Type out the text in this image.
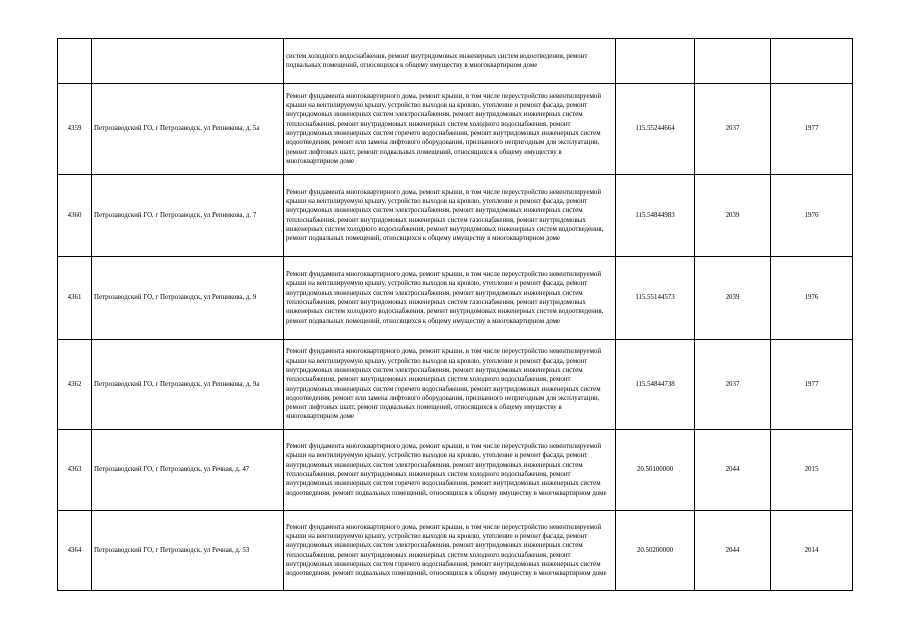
		систем холодного водоснабжения, ремонт внутридомовых инженерных систем водоотведения, ремонт подвальных помещений, относящихся к общему имуществу в многоквартирном доме			
4359	Петрозаводский ГО, г Петрозаводск, ул Репникова, д. 5а	Ремонт фундамента многоквартирного дома, ремонт крыши, в том числе переустройство невентилируемой крыши на вентилируемую крышу, устройство выходов на кровлю, утепление и ремонт фасада, ремонт внутридомовых инженерных систем электроснабжения, ремонт внутридомовых инженерных систем теплоснабжения, ремонт внутридомовых инженерных систем холодного водоснабжения, ремонт внутридомовых инженерных систем горячего водоснабжения, ремонт внутридомовых инженерных систем водоотведения, ремонт или замена лифтового оборудования, признанного непригодным для эксплуатации, ремонт лифтовых шахт, ремонт подвальных помещений, относящихся к общему имуществу в многоквартирном доме	115.55244664	2037	1977
4360	Петрозаводский ГО, г Петрозаводск, ул Репникова, д. 7	Ремонт фундамента многоквартирного дома, ремонт крыши, в том числе переустройство невентилируемой крыши на вентилируемую крышу, устройство выходов на кровлю, утепление и ремонт фасада, ремонт внутридомовых инженерных систем электроснабжения, ремонт внутридомовых инженерных систем теплоснабжения, ремонт внутридомовых инженерных систем газоснабжения, ремонт внутридомовых инженерных систем холодного водоснабжения, ремонт внутридомовых инженерных систем водоотведения, ремонт подвальных помещений, относящихся к общему имуществу в многоквартирном доме	115.54844983	2039	1976
4361	Петрозаводский ГО, г Петрозаводск, ул Репникова, д. 9	Ремонт фундамента многоквартирного дома, ремонт крыши, в том числе переустройство невентилируемой крыши на вентилируемую крышу, устройство выходов на кровлю, утепление и ремонт фасада, ремонт внутридомовых инженерных систем электроснабжения, ремонт внутридомовых инженерных систем теплоснабжения, ремонт внутридомовых инженерных систем газоснабжения, ремонт внутридомовых инженерных систем холодного водоснабжения, ремонт внутридомовых инженерных систем водоотведения, ремонт подвальных помещений, относящихся к общему имуществу в многоквартирном доме	115.55144573	2039	1976
4362	Петрозаводский ГО, г Петрозаводск, ул Репникова, д. 9а	Ремонт фундамента многоквартирного дома, ремонт крыши, в том числе переустройство невентилируемой крыши на вентилируемую крышу, устройство выходов на кровлю, утепление и ремонт фасада, ремонт внутридомовых инженерных систем электроснабжения, ремонт внутридомовых инженерных систем теплоснабжения, ремонт внутридомовых инженерных систем холодного водоснабжения, ремонт внутридомовых инженерных систем горячего водоснабжения, ремонт внутридомовых инженерных систем водоотведения, ремонт или замена лифтового оборудования, признанного непригодным для эксплуатации, ремонт лифтовых шахт, ремонт подвальных помещений, относящихся к общему имуществу в многоквартирном доме	115.54844738	2037	1977
4363	Петрозаводский ГО, г Петрозаводск, ул Речная, д. 47	Ремонт фундамента многоквартирного дома, ремонт крыши, в том числе переустройство невентилируемой крыши на вентилируемую крышу, устройство выходов на кровлю, утепление и ремонт фасада, ремонт внутридомовых инженерных систем электроснабжения, ремонт внутридомовых инженерных систем теплоснабжения, ремонт внутридомовых инженерных систем холодного водоснабжения, ремонт внутридомовых инженерных систем горячего водоснабжения, ремонт внутридомовых инженерных систем водоотведения, ремонт подвальных помещений, относящихся к общему имуществу в многоквартирном доме	20.50100000	2044	2015
4364	Петрозаводский ГО, г Петрозаводск, ул Речная, д. 53	Ремонт фундамента многоквартирного дома, ремонт крыши, в том числе переустройство невентилируемой крыши на вентилируемую крышу, устройство выходов на кровлю, утепление и ремонт фасада, ремонт внутридомовых инженерных систем электроснабжения, ремонт внутридомовых инженерных систем теплоснабжения, ремонт внутридомовых инженерных систем холодного водоснабжения, ремонт внутридомовых инженерных систем горячего водоснабжения, ремонт внутридомовых инженерных систем водоотведения, ремонт подвальных помещений, относящихся к общему имуществу в многоквартирном доме	20.50200000	2044	2014
